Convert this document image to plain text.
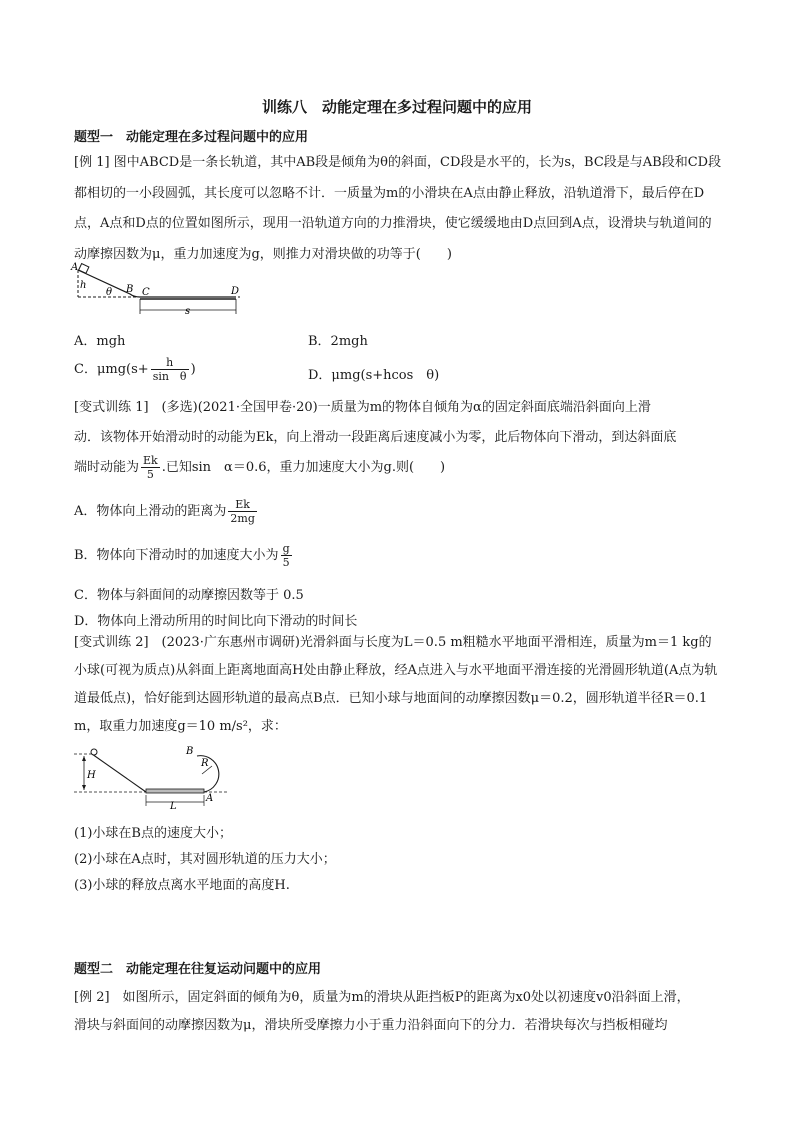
训练八　动能定理在多过程问题中的应用
题型一　动能定理在多过程问题中的应用
[例 1] 图中ABCD是一条长轨道，其中AB段是倾角为θ的斜面，CD段是水平的，长为s，BC段是与AB段和CD段都相切的一小段圆弧，其长度可以忽略不计．一质量为m的小滑块在A点由静止释放，沿轨道滑下，最后停在D点，A点和D点的位置如图所示，现用一沿轨道方向的力推滑块，使它缓缓地由D点回到A点，设滑块与轨道间的动摩擦因数为μ，重力加速度为g，则推力对滑块做的功等于(　　)
A
h
θ B C	D
s
A．mgh	B．2mgh
C．$\mu mg(s+ \frac{h}{\text{sin　θ}}$ )	D．μmg(s+hcos　θ)
[变式训练 1]　(多选)(2021·全国甲卷·20)一质量为m的物体自倾角为α的固定斜面底端沿斜面向上滑
动．该物体开始滑动时的动能为Ek，向上滑动一段距离后速度减小为零，此后物体向下滑动，到达斜面底
端时动能为 $\frac{Ek}{5}$ .已知sin　α＝0.6，重力加速度大小为g.则(　　)
A．物体向上滑动的距离为 $\frac{Ek}{2mg}$
B．物体向下滑动时的加速度大小为 $\frac{g}{5}$
C．物体与斜面间的动摩擦因数等于 0.5
D．物体向上滑动所用的时间比向下滑动的时间长
[变式训练 2]　(2023·广东惠州市调研)光滑斜面与长度为L＝0.5 m粗糙水平地面平滑相连，质量为m＝1 kg的小球(可视为质点)从斜面上距离地面高H处由静止释放，经A点进入与水平地面平滑连接的光滑圆形轨道(A点为轨道最低点)，恰好能到达圆形轨道的最高点B点．已知小球与地面间的动摩擦因数μ＝0.2，圆形轨道半径R＝0.1 m，取重力加速度g＝10 m/s²，求：
H
B
R
L
A
(1)小球在B点的速度大小；
(2)小球在A点时，其对圆形轨道的压力大小；
(3)小球的释放点离水平地面的高度H.
题型二　动能定理在往复运动问题中的应用
[例 2]　如图所示，固定斜面的倾角为θ，质量为m的滑块从距挡板P的距离为x0处以初速度v0沿斜面上滑，
滑块与斜面间的动摩擦因数为μ，滑块所受摩擦力小于重力沿斜面向下的分力．若滑块每次与挡板相碰均
